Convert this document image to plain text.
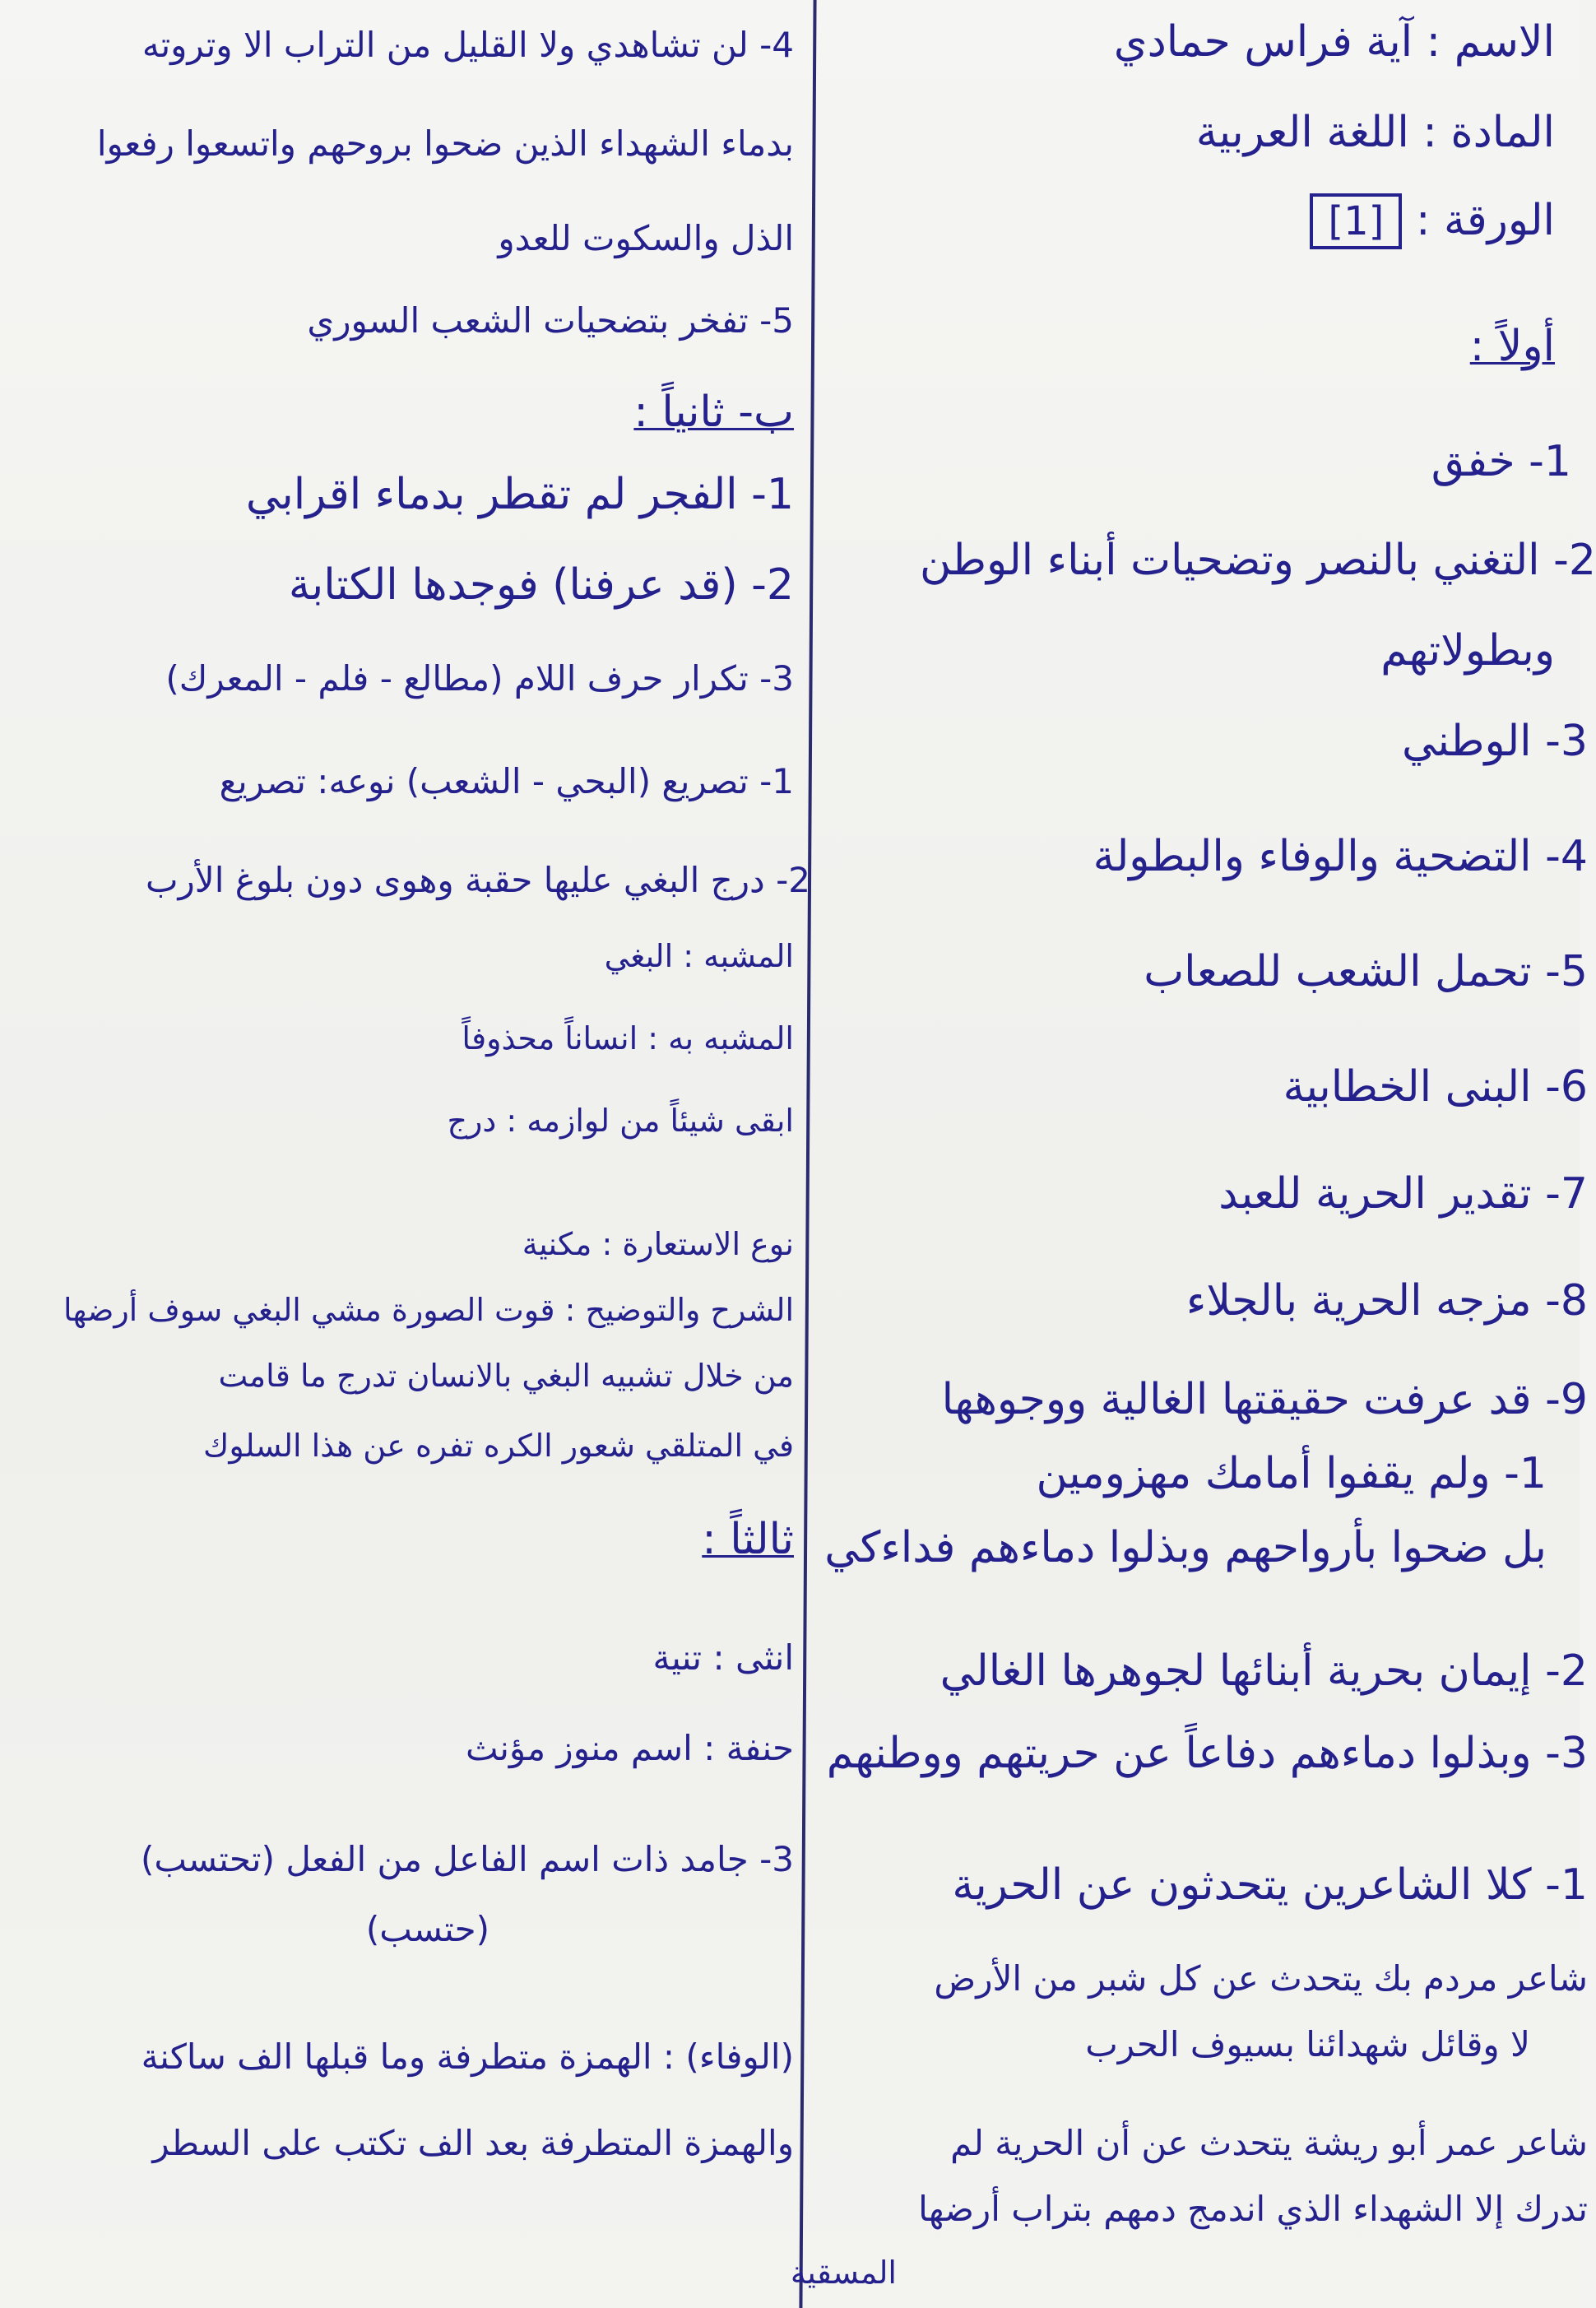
الاسم : آية فراس حمادي
المادة : اللغة العربية
الورقة : [1]
أولاً :
1- خفق
2- التغني بالنصر وتضحيات أبناء الوطن
وبطولاتهم
3- الوطني
4- التضحية والوفاء والبطولة
5- تحمل الشعب للصعاب
6- البنى الخطابية
7- تقدير الحرية للعبد
8- مزجه الحرية بالجلاء
9- قد عرفت حقيقتها الغالية ووجوهها
1- ولم يقفوا أمامك مهزومين
بل ضحوا بأرواحهم وبذلوا دماءهم فداءكي
2- إيمان بحرية أبنائها لجوهرها الغالي
3- وبذلوا دماءهم دفاعاً عن حريتهم ووطنهم
1- كلا الشاعرين يتحدثون عن الحرية
شاعر مردم بك يتحدث عن كل شبر من الأرض
لا وقائل شهدائنا بسيوف الحرب
شاعر عمر أبو ريشة يتحدث عن أن الحرية لم
تدرك إلا الشهداء الذي اندمج دمهم بتراب أرضها
المسقية
4- لن تشاهدي ولا القليل من التراب الا وتروته
بدماء الشهداء الذين ضحوا بروحهم واتسعوا رفعوا
الذل والسكوت للعدو
5- تفخر بتضحيات الشعب السوري
ب- ثانياً :
1- الفجر لم تقطر بدماء اقرابي
2- (قد عرفنا) فوجدها الكتابة
3- تكرار حرف اللام (مطالع - فلم - المعرك)
1- تصريع (البحي - الشعب) نوعه: تصريع
2- درج البغي عليها حقبة وهوى دون بلوغ الأرب
المشبه : البغي
المشبه به : انساناً محذوفاً
ابقى شيئاً من لوازمه : درج
نوع الاستعارة : مكنية
الشرح والتوضيح : قوت الصورة مشي البغي سوف أرضها
من خلال تشبيه البغي بالانسان تدرج ما قامت
في المتلقي شعور الكره تفره عن هذا السلوك
ثالثاً :
انثى : تنية
حنفة : اسم منوز مؤنث
3- جامد ذات اسم الفاعل من الفعل (تحتسب)
(حتسب)
(الوفاء) : الهمزة متطرفة وما قبلها الف ساكنة
والهمزة المتطرفة بعد الف تكتب على السطر
